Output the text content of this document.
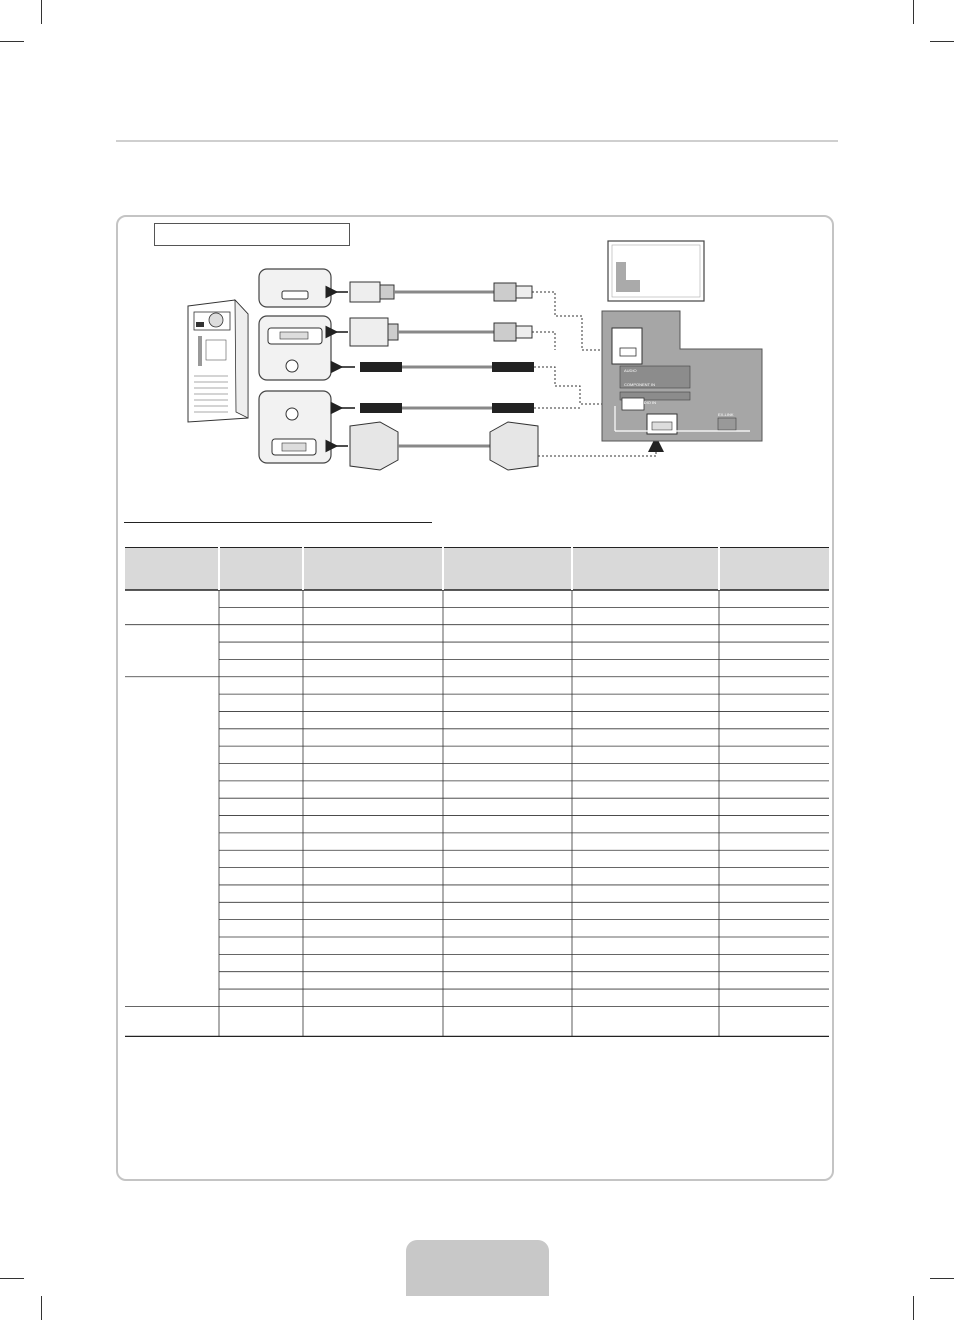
HDMI
AUDIO
PC IN
PC/DVI AUDIO IN
COMPONENT IN
EX-LINK
